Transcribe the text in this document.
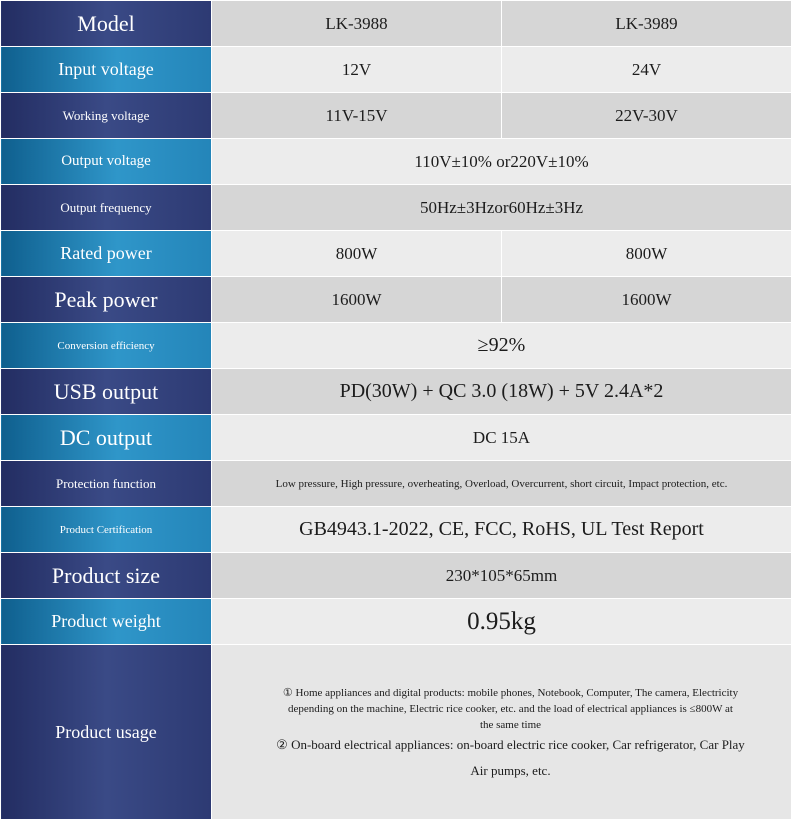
Model	LK-3988	LK-3989
Input voltage	12V	24V
Working voltage	11V-15V	22V-30V
Output voltage	110V±10% or220V±10%	
Output frequency	50Hz±3Hzor60Hz±3Hz	
Rated power	800W	800W
Peak power	1600W	1600W
Conversion efficiency	≥92%	
USB output	PD(30W) + QC 3.0 (18W) + 5V 2.4A*2	
DC output	DC 15A	
Protection function	Low pressure, High pressure, overheating, Overload, Overcurrent, short circuit, Impact protection, etc.	
Product Certification	GB4943.1-2022, CE, FCC, RoHS, UL Test Report	
Product size	230*105*65mm	
Product weight	0.95kg	
Product usage	① Home appliances and digital products: mobile phones, Notebook, Computer, The camera, Electricity
depending on the machine, Electric rice cooker, etc. and the load of electrical appliances is ≤800W at
the same time
② On-board electrical appliances: on-board electric rice cooker, Car refrigerator, Car Play
Air pumps, etc.	
